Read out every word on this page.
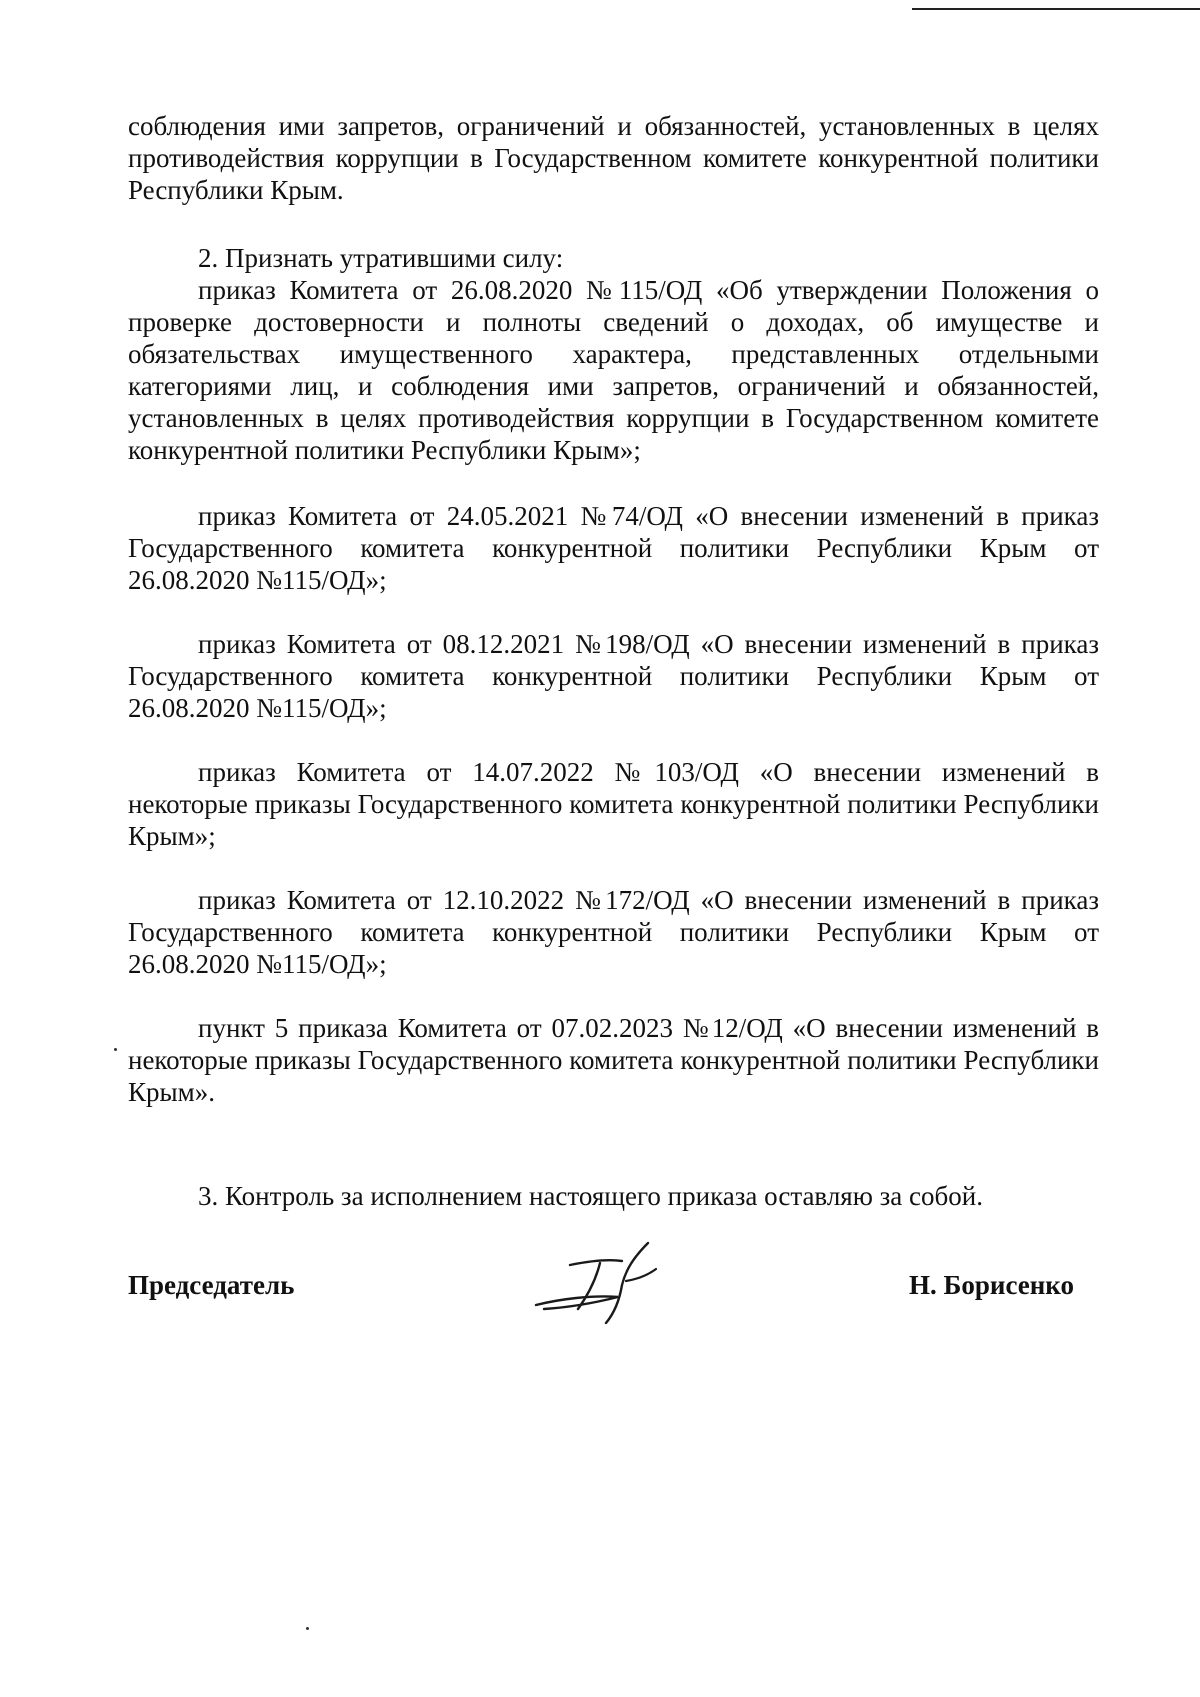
соблюдения ими запретов, ограничений и обязанностей, установленных в целях противодействия коррупции в Государственном комитете конкурентной политики Республики Крым.

2. Признать утратившими силу:

приказ Комитета от 26.08.2020 №115/ОД «Об утверждении Положения о проверке достоверности и полноты сведений о доходах, об имуществе и обязательствах имущественного характера, представленных отдельными категориями лиц, и соблюдения ими запретов, ограничений и обязанностей, установленных в целях противодействия коррупции в Государственном комитете конкурентной политики Республики Крым»;

приказ Комитета от 24.05.2021 №74/ОД «О внесении изменений в приказ Государственного комитета конкурентной политики Республики Крым от 26.08.2020 №115/ОД»;

приказ Комитета от 08.12.2021 №198/ОД «О внесении изменений в приказ Государственного комитета конкурентной политики Республики Крым от 26.08.2020 №115/ОД»;

приказ Комитета от 14.07.2022 №103/ОД «О внесении изменений в некоторые приказы Государственного комитета конкурентной политики Республики Крым»;

приказ Комитета от 12.10.2022 №172/ОД «О внесении изменений в приказ Государственного комитета конкурентной политики Республики Крым от 26.08.2020 №115/ОД»;

пункт 5 приказа Комитета от 07.02.2023 №12/ОД «О внесении изменений в некоторые приказы Государственного комитета конкурентной политики Республики Крым».

3. Контроль за исполнением настоящего приказа оставляю за собой.

Председатель	Н. Борисенко
